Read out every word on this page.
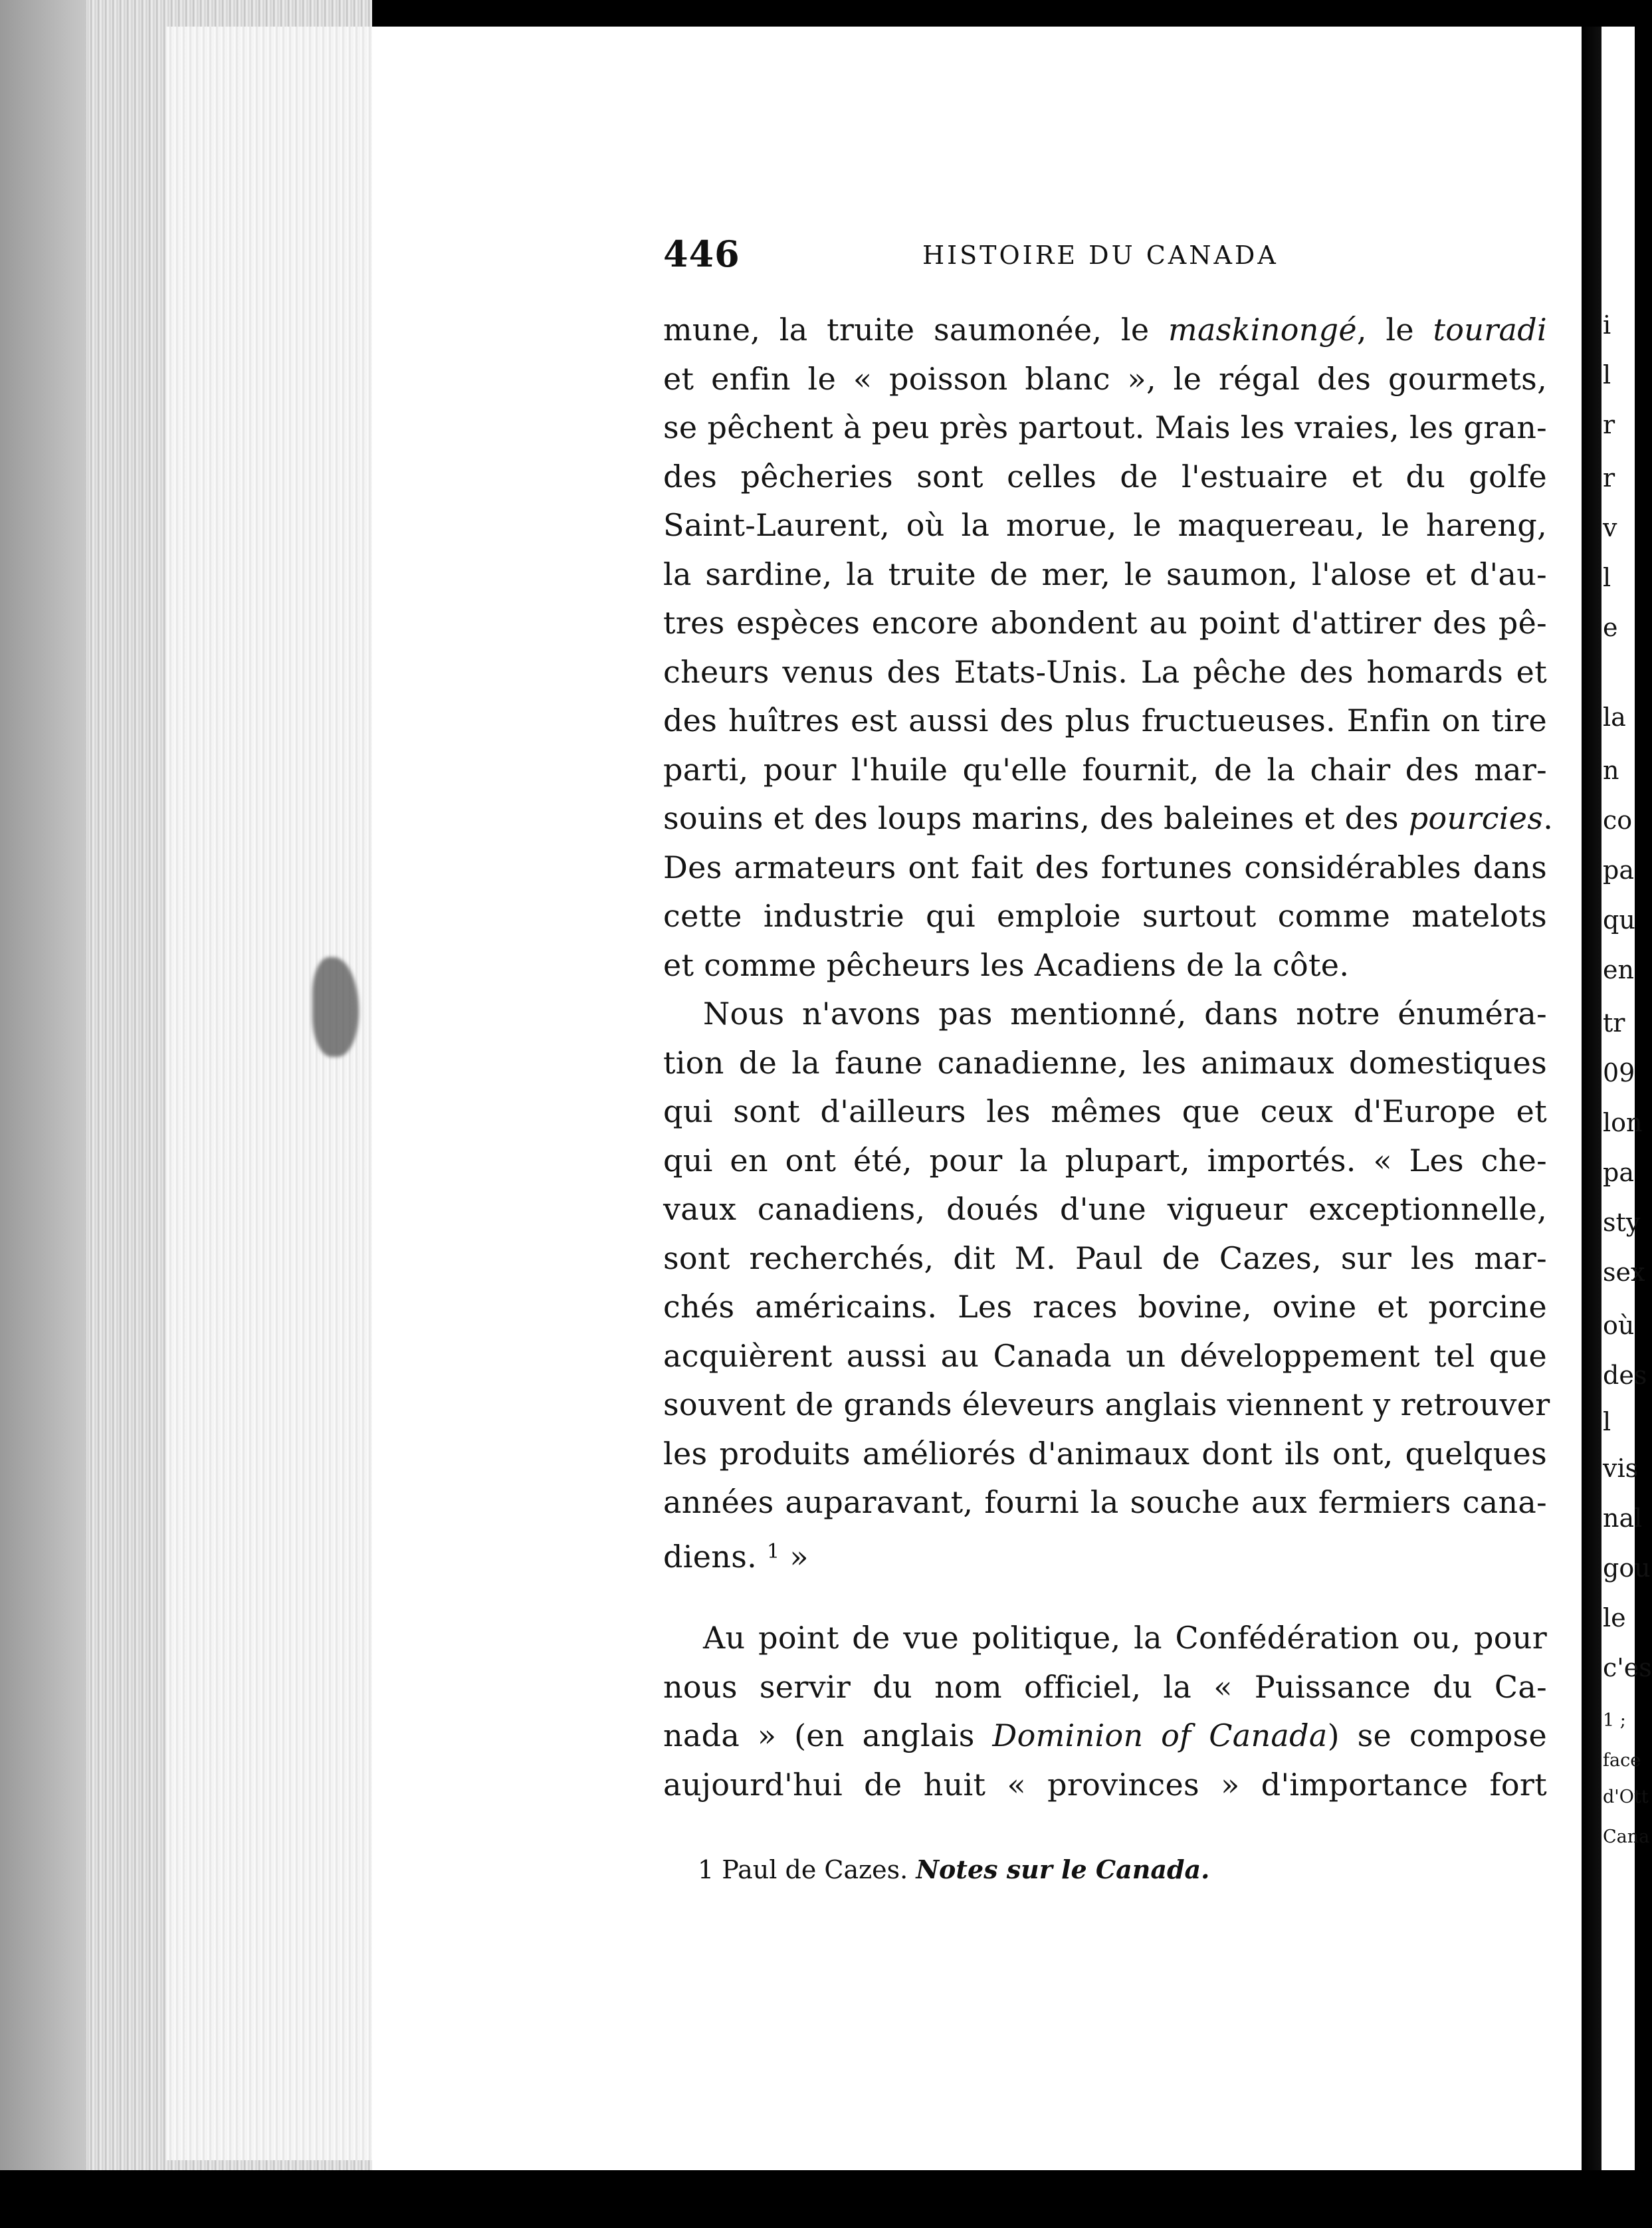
446	HISTOIRE DU CANADA
mune, la truite saumonée, le maskinongé, le touradi
et enfin le « poisson blanc », le régal des gourmets,
se pêchent à peu près partout. Mais les vraies, les gran-
des pêcheries sont celles de l'estuaire et du golfe
Saint-Laurent, où la morue, le maquereau, le hareng,
la sardine, la truite de mer, le saumon, l'alose et d'au-
tres espèces encore abondent au point d'attirer des pê-
cheurs venus des Etats-Unis. La pêche des homards et
des huîtres est aussi des plus fructueuses. Enfin on tire
parti, pour l'huile qu'elle fournit, de la chair des mar-
souins et des loups marins, des baleines et des pourcies.
Des armateurs ont fait des fortunes considérables dans
cette industrie qui emploie surtout comme matelots
et comme pêcheurs les Acadiens de la côte.
Nous n'avons pas mentionné, dans notre énuméra-
tion de la faune canadienne, les animaux domestiques
qui sont d'ailleurs les mêmes que ceux d'Europe et
qui en ont été, pour la plupart, importés. « Les che-
vaux canadiens, doués d'une vigueur exceptionnelle,
sont recherchés, dit M. Paul de Cazes, sur les mar-
chés américains. Les races bovine, ovine et porcine
acquièrent aussi au Canada un développement tel que
souvent de grands éleveurs anglais viennent y retrouver
les produits améliorés d'animaux dont ils ont, quelques
années auparavant, fourni la souche aux fermiers cana-
diens. $^1$ »
Au point de vue politique, la Confédération ou, pour
nous servir du nom officiel, la « Puissance du Ca-
nada » (en anglais Dominion of Canada) se compose
aujourd'hui de huit « provinces » d'importance fort
1 Paul de Cazes. Notes sur le Canada.
i
l
r
r
v
l
e
la
n
co
pa
qu
en
tr
09
lon
pa
sty
sex
où
des
l
vis
nal
gou
le
c'es
1 ;
face
d'Ott
Cana
